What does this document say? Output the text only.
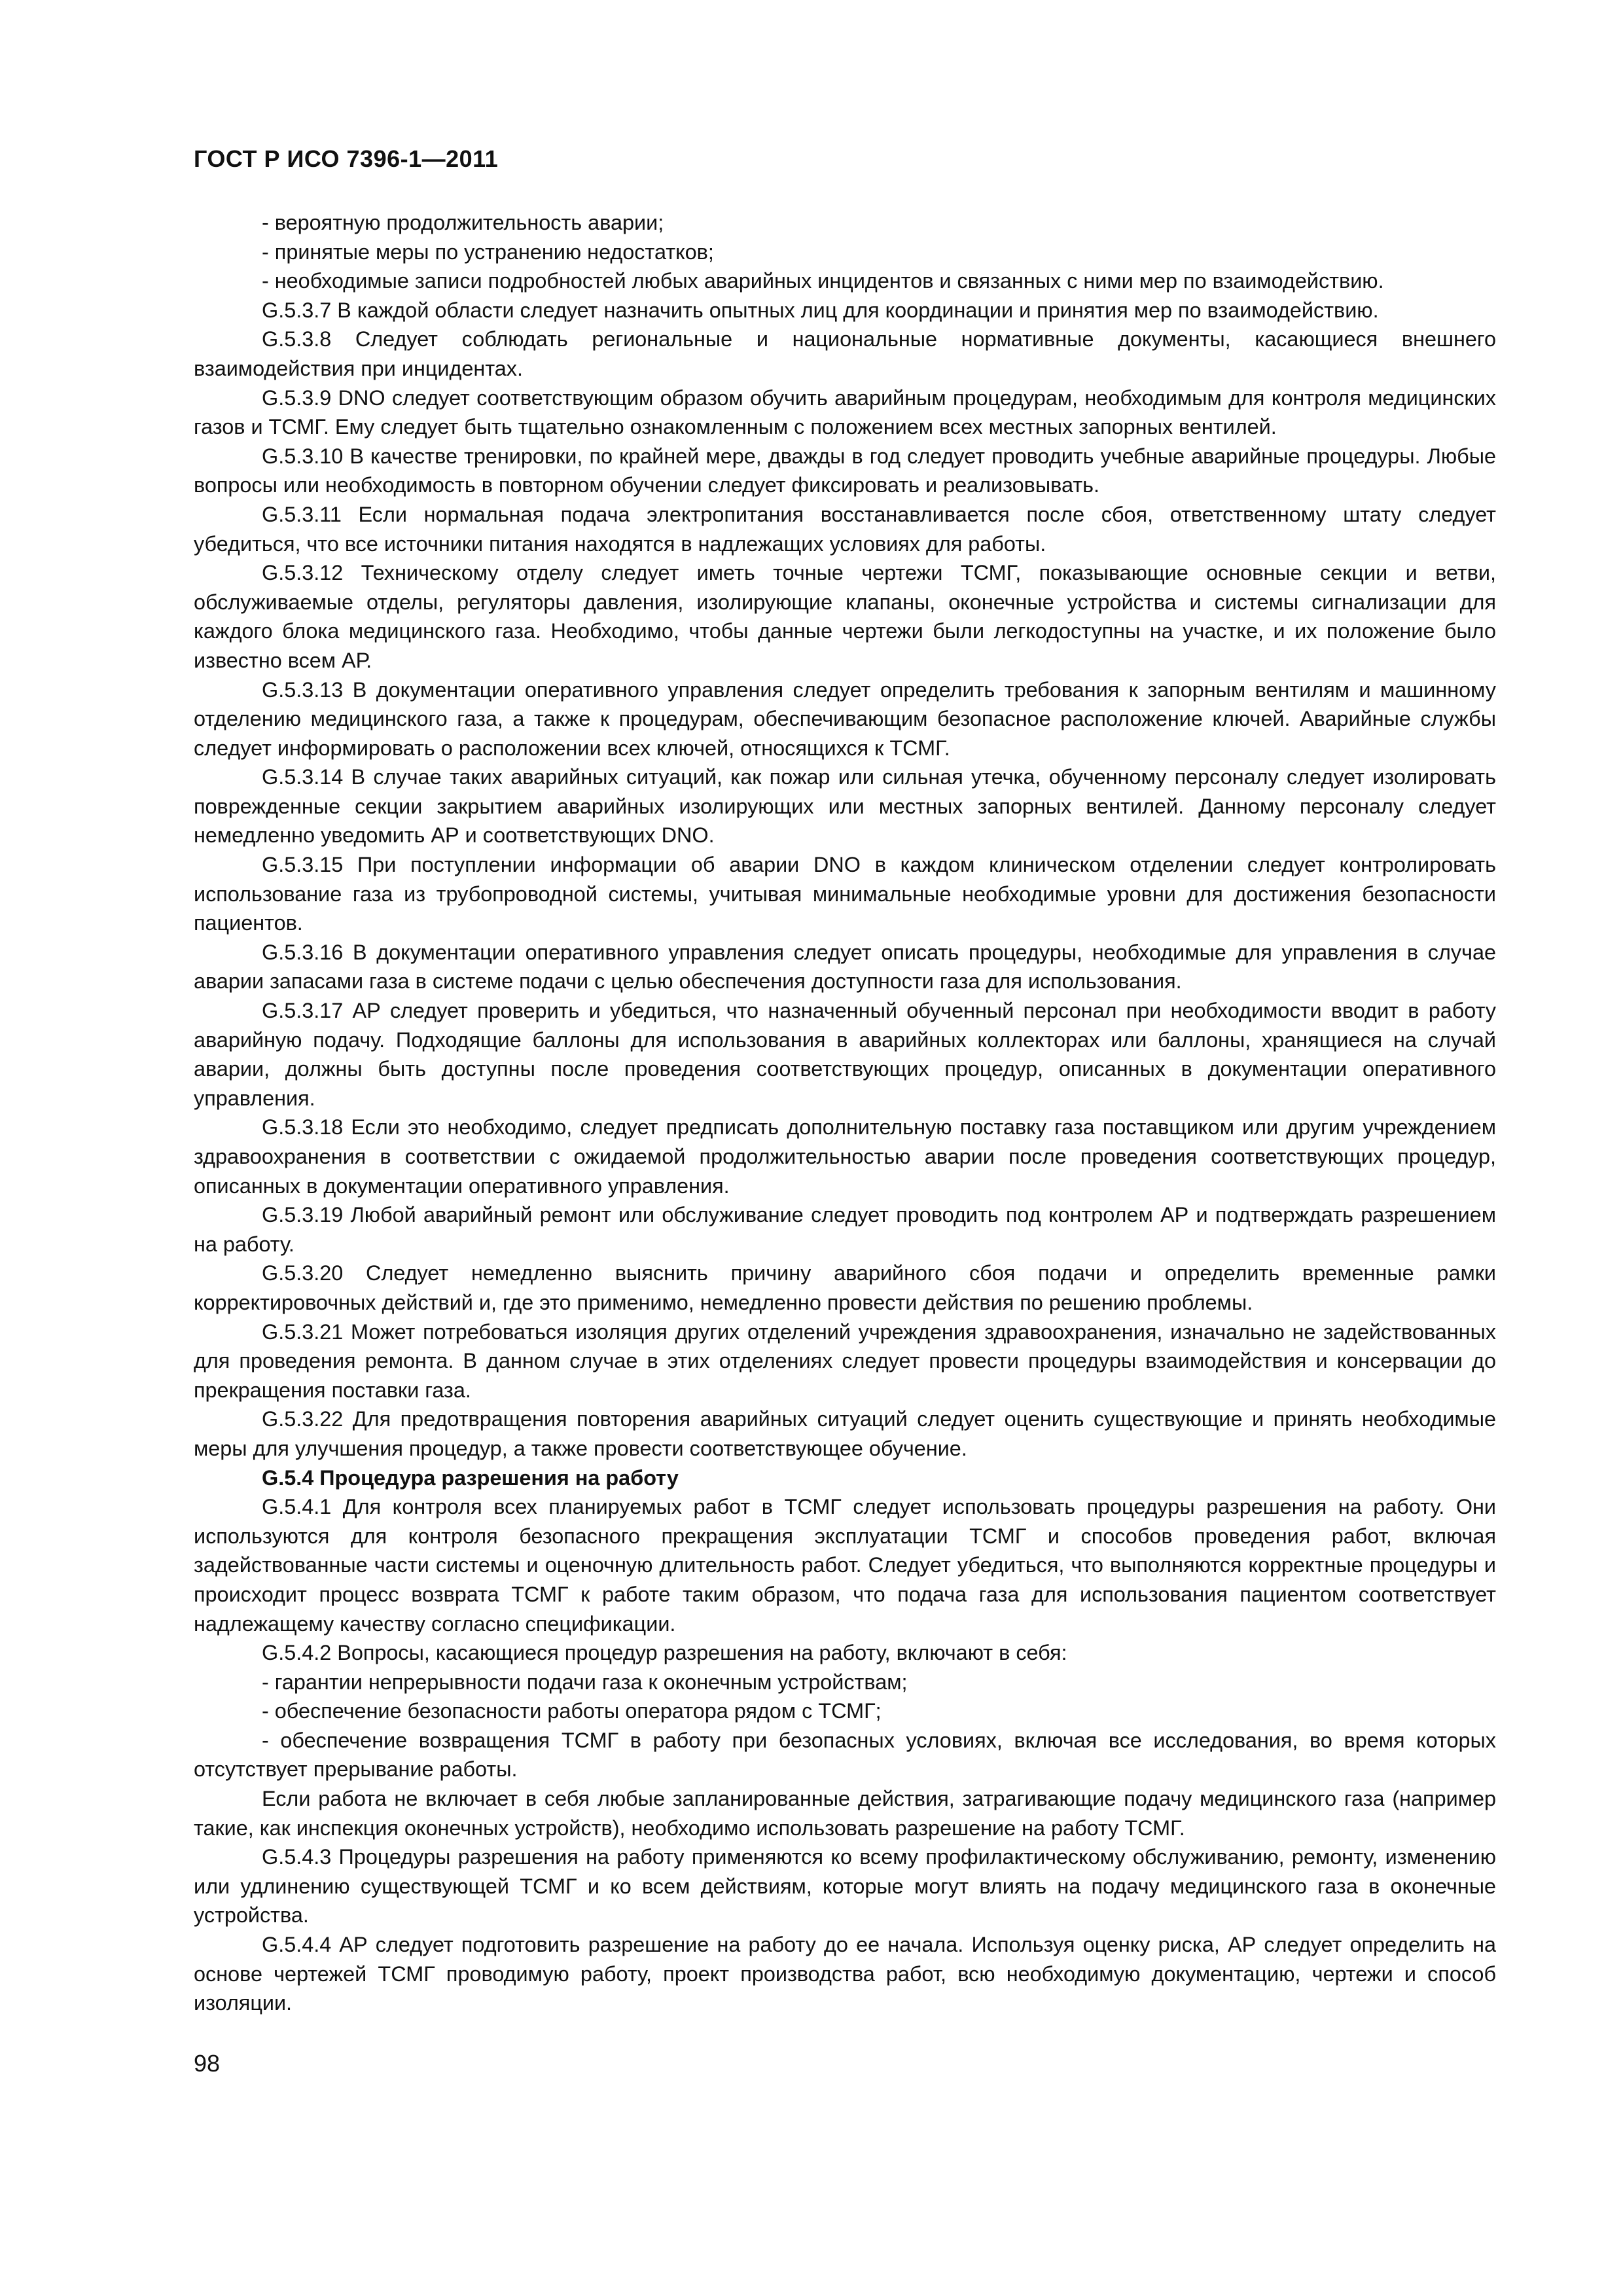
ГОСТ Р ИСО 7396-1—2011

- вероятную продолжительность аварии;

- принятые меры по устранению недостатков;

- необходимые записи подробностей любых аварийных инцидентов и связанных с ними мер по взаимодействию.

G.5.3.7 В каждой области следует назначить опытных лиц для координации и принятия мер по взаимодействию.

G.5.3.8 Следует соблюдать региональные и национальные нормативные документы, касающиеся внешнего взаимодействия при инцидентах.

G.5.3.9 DNO следует соответствующим образом обучить аварийным процедурам, необходимым для контроля медицинских газов и ТСМГ. Ему следует быть тщательно ознакомленным с положением всех местных запорных вентилей.

G.5.3.10 В качестве тренировки, по крайней мере, дважды в год следует проводить учебные аварийные процедуры. Любые вопросы или необходимость в повторном обучении следует фиксировать и реализовывать.

G.5.3.11 Если нормальная подача электропитания восстанавливается после сбоя, ответственному штату следует убедиться, что все источники питания находятся в надлежащих условиях для работы.

G.5.3.12 Техническому отделу следует иметь точные чертежи ТСМГ, показывающие основные секции и ветви, обслуживаемые отделы, регуляторы давления, изолирующие клапаны, оконечные устройства и системы сигнализации для каждого блока медицинского газа. Необходимо, чтобы данные чертежи были легкодоступны на участке, и их положение было известно всем АР.

G.5.3.13 В документации оперативного управления следует определить требования к запорным вентилям и машинному отделению медицинского газа, а также к процедурам, обеспечивающим безопасное расположение ключей. Аварийные службы следует информировать о расположении всех ключей, относящихся к ТСМГ.

G.5.3.14 В случае таких аварийных ситуаций, как пожар или сильная утечка, обученному персоналу следует изолировать поврежденные секции закрытием аварийных изолирующих или местных запорных вентилей. Данному персоналу следует немедленно уведомить АР и соответствующих DNO.

G.5.3.15 При поступлении информации об аварии DNO в каждом клиническом отделении следует контролировать использование газа из трубопроводной системы, учитывая минимальные необходимые уровни для достижения безопасности пациентов.

G.5.3.16 В документации оперативного управления следует описать процедуры, необходимые для управления в случае аварии запасами газа в системе подачи с целью обеспечения доступности газа для использования.

G.5.3.17 АР следует проверить и убедиться, что назначенный обученный персонал при необходимости вводит в работу аварийную подачу. Подходящие баллоны для использования в аварийных коллекторах или баллоны, хранящиеся на случай аварии, должны быть доступны после проведения соответствующих процедур, описанных в документации оперативного управления.

G.5.3.18 Если это необходимо, следует предписать дополнительную поставку газа поставщиком или другим учреждением здравоохранения в соответствии с ожидаемой продолжительностью аварии после проведения соответствующих процедур, описанных в документации оперативного управления.

G.5.3.19 Любой аварийный ремонт или обслуживание следует проводить под контролем АР и подтверждать разрешением на работу.

G.5.3.20 Следует немедленно выяснить причину аварийного сбоя подачи и определить временные рамки корректировочных действий и, где это применимо, немедленно провести действия по решению проблемы.

G.5.3.21 Может потребоваться изоляция других отделений учреждения здравоохранения, изначально не задействованных для проведения ремонта. В данном случае в этих отделениях следует провести процедуры взаимодействия и консервации до прекращения поставки газа.

G.5.3.22 Для предотвращения повторения аварийных ситуаций следует оценить существующие и принять необходимые меры для улучшения процедур, а также провести соответствующее обучение.

G.5.4 Процедура разрешения на работу

G.5.4.1 Для контроля всех планируемых работ в ТСМГ следует использовать процедуры разрешения на работу. Они используются для контроля безопасного прекращения эксплуатации ТСМГ и способов проведения работ, включая задействованные части системы и оценочную длительность работ. Следует убедиться, что выполняются корректные процедуры и происходит процесс возврата ТСМГ к работе таким образом, что подача газа для использования пациентом соответствует надлежащему качеству согласно спецификации.

G.5.4.2 Вопросы, касающиеся процедур разрешения на работу, включают в себя:

- гарантии непрерывности подачи газа к оконечным устройствам;

- обеспечение безопасности работы оператора рядом с ТСМГ;

- обеспечение возвращения ТСМГ в работу при безопасных условиях, включая все исследования, во время которых отсутствует прерывание работы.

Если работа не включает в себя любые запланированные действия, затрагивающие подачу медицинского газа (например такие, как инспекция оконечных устройств), необходимо использовать разрешение на работу ТСМГ.

G.5.4.3 Процедуры разрешения на работу применяются ко всему профилактическому обслуживанию, ремонту, изменению или удлинению существующей ТСМГ и ко всем действиям, которые могут влиять на подачу медицинского газа в оконечные устройства.

G.5.4.4 АР следует подготовить разрешение на работу до ее начала. Используя оценку риска, АР следует определить на основе чертежей ТСМГ проводимую работу, проект производства работ, всю необходимую документацию, чертежи и способ изоляции.

98
